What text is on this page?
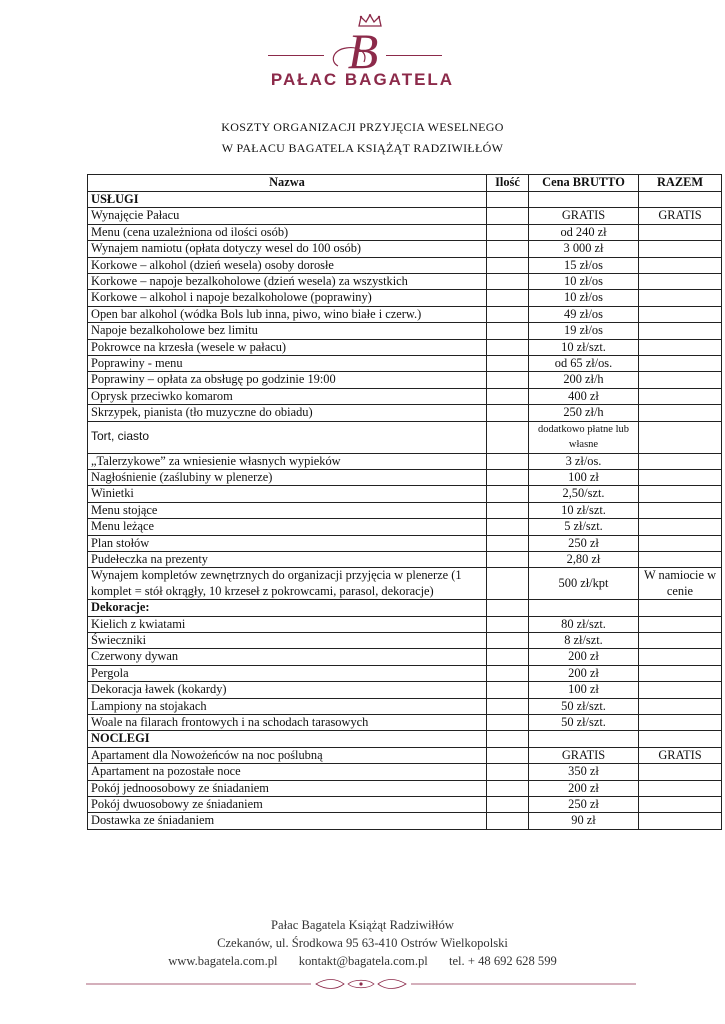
B
PAŁAC BAGATELA
KOSZTY ORGANIZACJI PRZYJĘCIA WESELNEGO
W PAŁACU BAGATELA KSIĄŻĄT RADZIWIŁŁÓW
Nazwa	Ilość	Cena BRUTTO	RAZEM
USŁUGI			
Wynajęcie Pałacu		GRATIS	GRATIS
Menu (cena uzależniona od ilości osób)		od 240 zł	
Wynajem namiotu (opłata dotyczy wesel do 100 osób)		3 000 zł	
Korkowe – alkohol (dzień wesela) osoby dorosłe		15 zł/os	
Korkowe – napoje bezalkoholowe (dzień wesela) za wszystkich		10 zł/os	
Korkowe – alkohol i napoje bezalkoholowe (poprawiny)		10 zł/os	
Open bar alkohol (wódka Bols lub inna, piwo, wino białe i czerw.)		49 zł/os	
Napoje bezalkoholowe bez limitu		19 zł/os	
Pokrowce na krzesła (wesele w pałacu)		10 zł/szt.	
Poprawiny - menu		od 65 zł/os.	
Poprawiny – opłata za obsługę po godzinie 19:00		200 zł/h	
Oprysk przeciwko komarom		400 zł	
Skrzypek, pianista (tło muzyczne do obiadu)		250 zł/h	
Tort, ciasto		dodatkowo płatne lub własne	
„Talerzykowe” za wniesienie własnych wypieków		3 zł/os.	
Nagłośnienie (zaślubiny w plenerze)		100 zł	
Winietki		2,50/szt.	
Menu stojące		10 zł/szt.	
Menu leżące		5 zł/szt.	
Plan stołów		250 zł	
Pudełeczka na prezenty		2,80 zł	
Wynajem kompletów zewnętrznych do organizacji przyjęcia w plenerze (1 komplet = stół okrągły, 10 krzeseł z pokrowcami, parasol, dekoracje)		500 zł/kpt	W namiocie w cenie
Dekoracje:			
Kielich z kwiatami		80 zł/szt.	
Świeczniki		8 zł/szt.	
Czerwony dywan		200 zł	
Pergola		200 zł	
Dekoracja ławek (kokardy)		100 zł	
Lampiony na stojakach		50 zł/szt.	
Woale na filarach frontowych i na schodach tarasowych		50 zł/szt.	
NOCLEGI			
Apartament dla Nowożeńców na noc poślubną		GRATIS	GRATIS
Apartament na pozostałe noce		350 zł	
Pokój jednoosobowy ze śniadaniem		200 zł	
Pokój dwuosobowy ze śniadaniem		250 zł	
Dostawka ze śniadaniem		90 zł	
Pałac Bagatela Książąt Radziwiłłów
Czekanów, ul. Środkowa 95 63-410 Ostrów Wielkopolski
www.bagatela.com.pl kontakt@bagatela.com.pl tel. + 48 692 628 599
